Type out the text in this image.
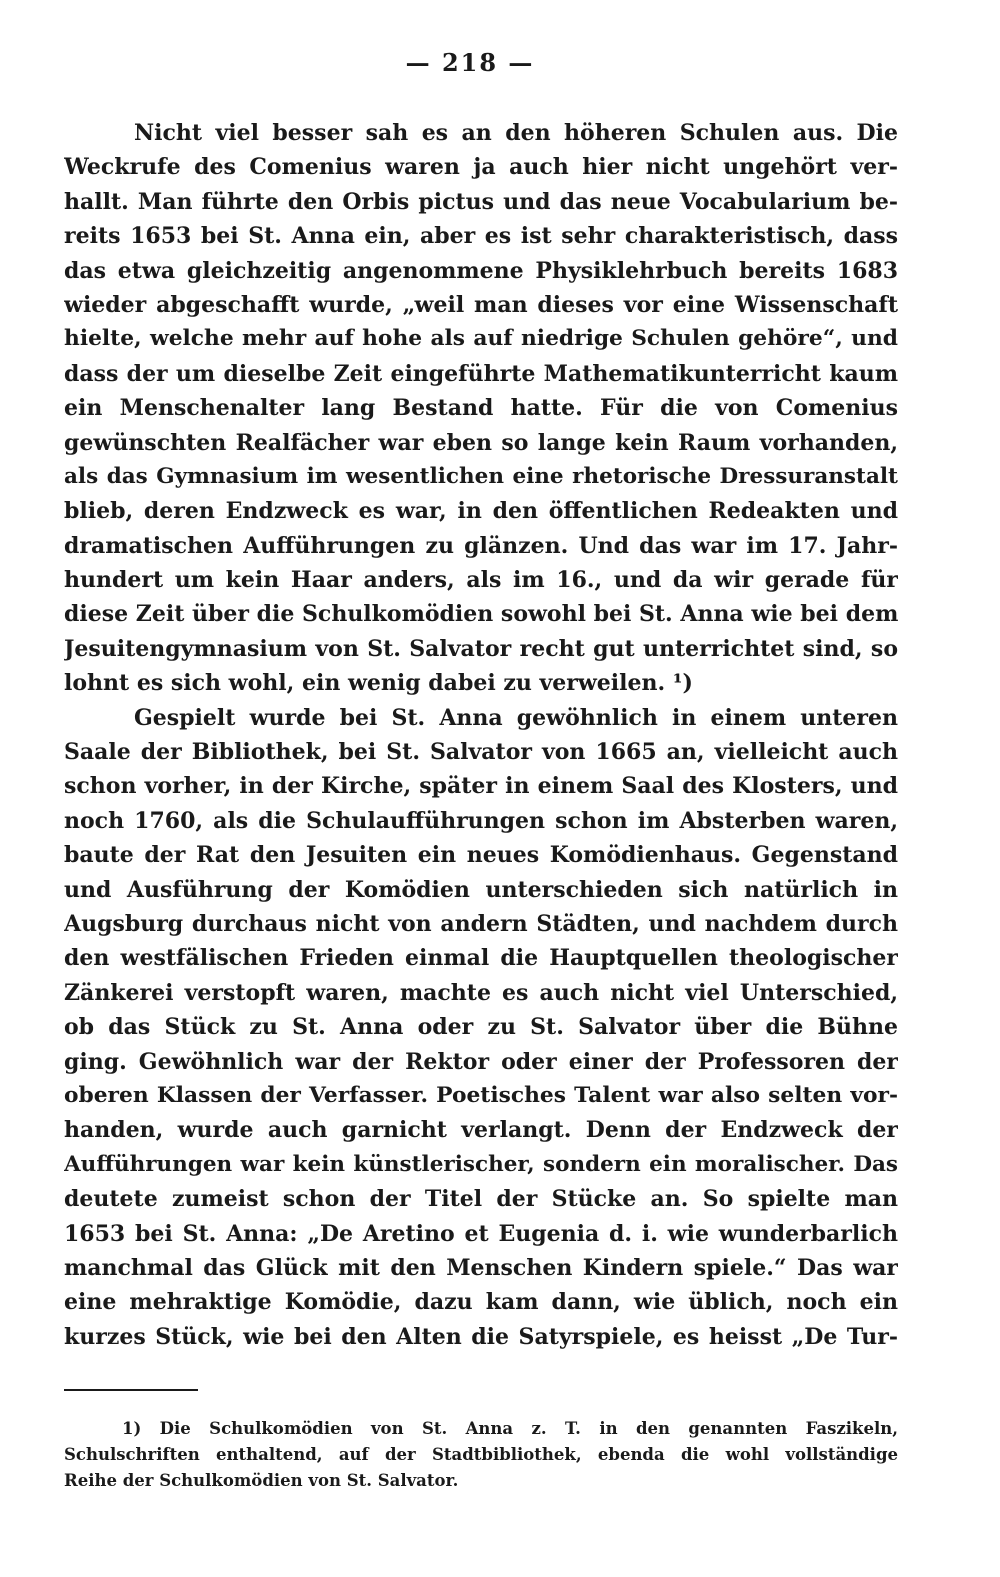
— 218 —
Nicht viel besser sah es an den höheren Schulen aus. Die
Weckrufe des Comenius waren ja auch hier nicht ungehört ver-
hallt. Man führte den Orbis pictus und das neue Vocabularium be-
reits 1653 bei St. Anna ein, aber es ist sehr charakteristisch, dass
das etwa gleichzeitig angenommene Physiklehrbuch bereits 1683
wieder abgeschafft wurde, „weil man dieses vor eine Wissenschaft
hielte, welche mehr auf hohe als auf niedrige Schulen gehöre“, und
dass der um dieselbe Zeit eingeführte Mathematikunterricht kaum
ein Menschenalter lang Bestand hatte. Für die von Comenius
gewünschten Realfächer war eben so lange kein Raum vorhanden,
als das Gymnasium im wesentlichen eine rhetorische Dressuranstalt
blieb, deren Endzweck es war, in den öffentlichen Redeakten und
dramatischen Aufführungen zu glänzen. Und das war im 17. Jahr-
hundert um kein Haar anders, als im 16., und da wir gerade für
diese Zeit über die Schulkomödien sowohl bei St. Anna wie bei dem
Jesuitengymnasium von St. Salvator recht gut unterrichtet sind, so
lohnt es sich wohl, ein wenig dabei zu verweilen. ¹)
Gespielt wurde bei St. Anna gewöhnlich in einem unteren
Saale der Bibliothek, bei St. Salvator von 1665 an, vielleicht auch
schon vorher, in der Kirche, später in einem Saal des Klosters, und
noch 1760, als die Schulaufführungen schon im Absterben waren,
baute der Rat den Jesuiten ein neues Komödienhaus. Gegenstand
und Ausführung der Komödien unterschieden sich natürlich in
Augsburg durchaus nicht von andern Städten, und nachdem durch
den westfälischen Frieden einmal die Hauptquellen theologischer
Zänkerei verstopft waren, machte es auch nicht viel Unterschied,
ob das Stück zu St. Anna oder zu St. Salvator über die Bühne
ging. Gewöhnlich war der Rektor oder einer der Professoren der
oberen Klassen der Verfasser. Poetisches Talent war also selten vor-
handen, wurde auch garnicht verlangt. Denn der Endzweck der
Aufführungen war kein künstlerischer, sondern ein moralischer. Das
deutete zumeist schon der Titel der Stücke an. So spielte man
1653 bei St. Anna: „De Aretino et Eugenia d. i. wie wunderbarlich
manchmal das Glück mit den Menschen Kindern spiele.“ Das war
eine mehraktige Komödie, dazu kam dann, wie üblich, noch ein
kurzes Stück, wie bei den Alten die Satyrspiele, es heisst „De Tur-
1) Die Schulkomödien von St. Anna z. T. in den genannten Faszikeln,
Schulschriften enthaltend, auf der Stadtbibliothek, ebenda die wohl vollständige
Reihe der Schulkomödien von St. Salvator.
